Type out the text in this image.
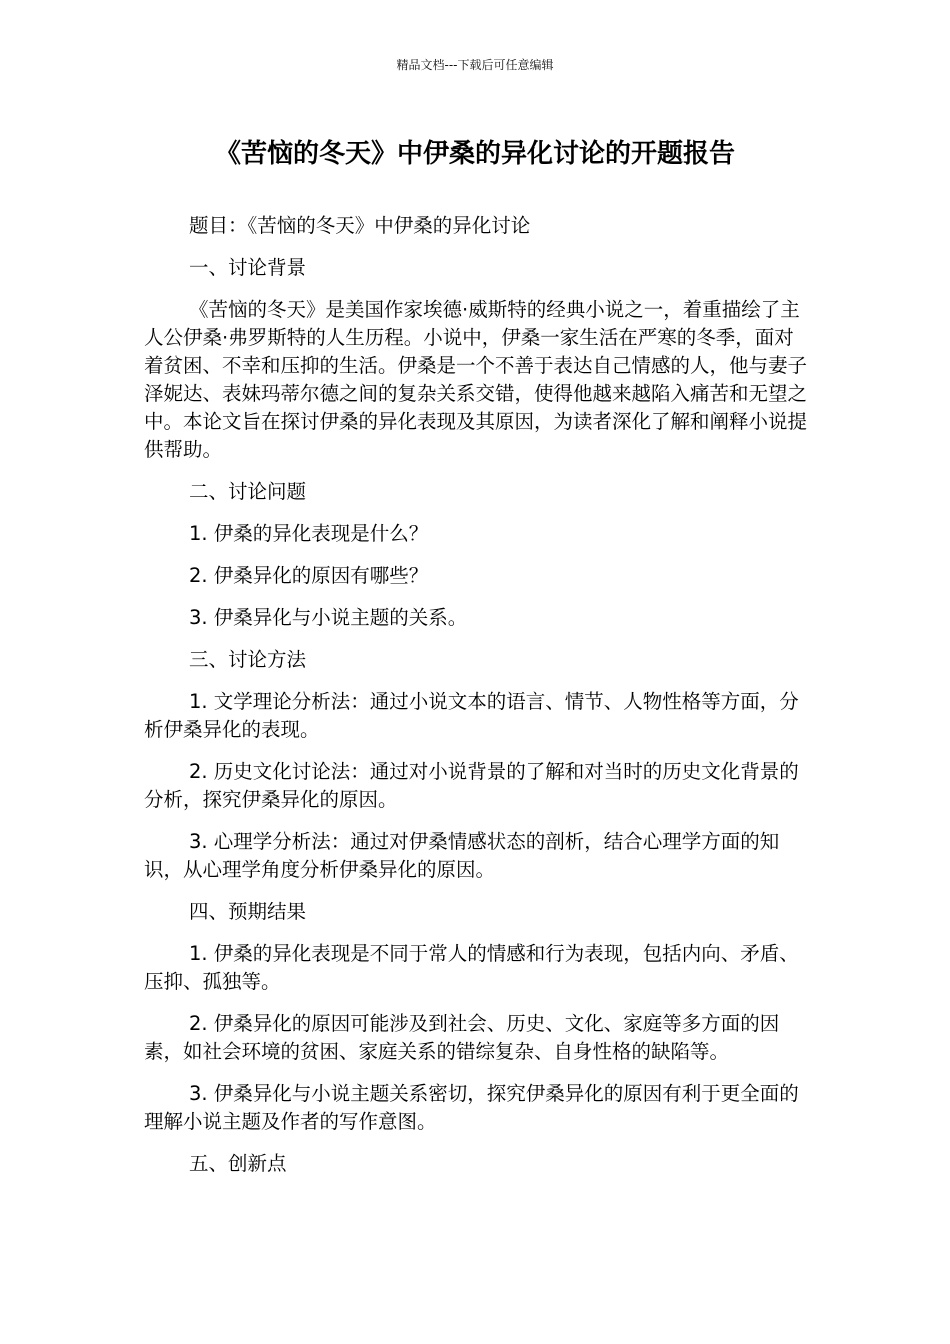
精品文档---下载后可任意编辑
《苦恼的冬天》中伊桑的异化讨论的开题报告

题目：《苦恼的冬天》中伊桑的异化讨论

一、讨论背景

《苦恼的冬天》是美国作家埃德·威斯特的经典小说之一，着重描绘了主人公伊桑·弗罗斯特的人生历程。小说中，伊桑一家生活在严寒的冬季，面对着贫困、不幸和压抑的生活。伊桑是一个不善于表达自己情感的人，他与妻子泽妮达、表妹玛蒂尔德之间的复杂关系交错，使得他越来越陷入痛苦和无望之中。本论文旨在探讨伊桑的异化表现及其原因，为读者深化了解和阐释小说提供帮助。

二、讨论问题

1. 伊桑的异化表现是什么？

2. 伊桑异化的原因有哪些？

3. 伊桑异化与小说主题的关系。

三、讨论方法

1. 文学理论分析法：通过小说文本的语言、情节、人物性格等方面，分析伊桑异化的表现。

2. 历史文化讨论法：通过对小说背景的了解和对当时的历史文化背景的分析，探究伊桑异化的原因。

3. 心理学分析法：通过对伊桑情感状态的剖析，结合心理学方面的知识，从心理学角度分析伊桑异化的原因。

四、预期结果

1. 伊桑的异化表现是不同于常人的情感和行为表现，包括内向、矛盾、压抑、孤独等。

2. 伊桑异化的原因可能涉及到社会、历史、文化、家庭等多方面的因素，如社会环境的贫困、家庭关系的错综复杂、自身性格的缺陷等。

3. 伊桑异化与小说主题关系密切，探究伊桑异化的原因有利于更全面的理解小说主题及作者的写作意图。

五、创新点
